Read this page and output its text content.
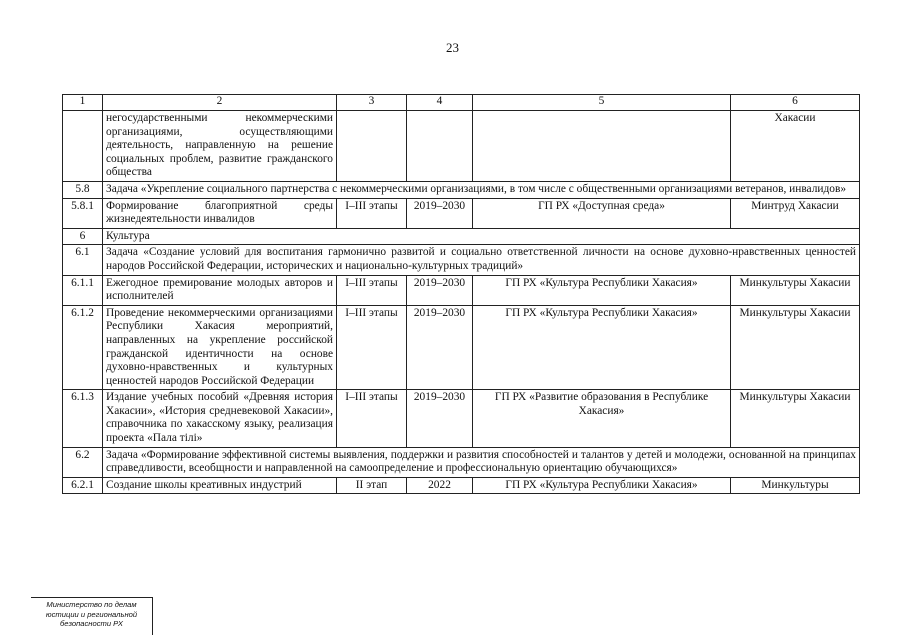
23
1	2	3	4	5	6
	негосударственными некоммерческими организациями, осуществляющими деятельность, направленную на решение социальных проблем, развитие гражданского общества				Хакасии
5.8	Задача «Укрепление социального партнерства с некоммерческими организациями, в том числе с общественными организациями ветеранов, инвалидов»				
5.8.1	Формирование благоприятной среды жизнедеятельности инвалидов	I–III этапы	2019–2030	ГП РХ «Доступная среда»	Минтруд Хакасии
6	Культура				
6.1	Задача «Создание условий для воспитания гармонично развитой и социально ответственной личности на основе духовно-нравственных ценностей народов Российской Федерации, исторических и национально-культурных традиций»				
6.1.1	Ежегодное премирование молодых авторов и исполнителей	I–III этапы	2019–2030	ГП РХ «Культура Республики Хакасия»	Минкультуры Хакасии
6.1.2	Проведение некоммерческими организациями Республики Хакасия мероприятий, направленных на укрепление российской гражданской идентичности на основе духовно-нравственных и культурных ценностей народов Российской Федерации	I–III этапы	2019–2030	ГП РХ «Культура Республики Хакасия»	Минкультуры Хакасии
6.1.3	Издание учебных пособий «Древняя история Хакасии», «История средневековой Хакасии», справочника по хакасскому языку, реализация проекта «Пала тілі»	I–III этапы	2019–2030	ГП РХ «Развитие образования в Республике Хакасия»	Минкультуры Хакасии
6.2	Задача «Формирование эффективной системы выявления, поддержки и развития способностей и талантов у детей и молодежи, основанной на принципах справедливости, всеобщности и направленной на самоопределение и профессиональную ориентацию обучающихся»				
6.2.1	Создание школы креативных индустрий	II этап	2022	ГП РХ «Культура Республики Хакасия»	Минкультуры
Министерство по делам
юстиции и региональной
безопасности РХ
